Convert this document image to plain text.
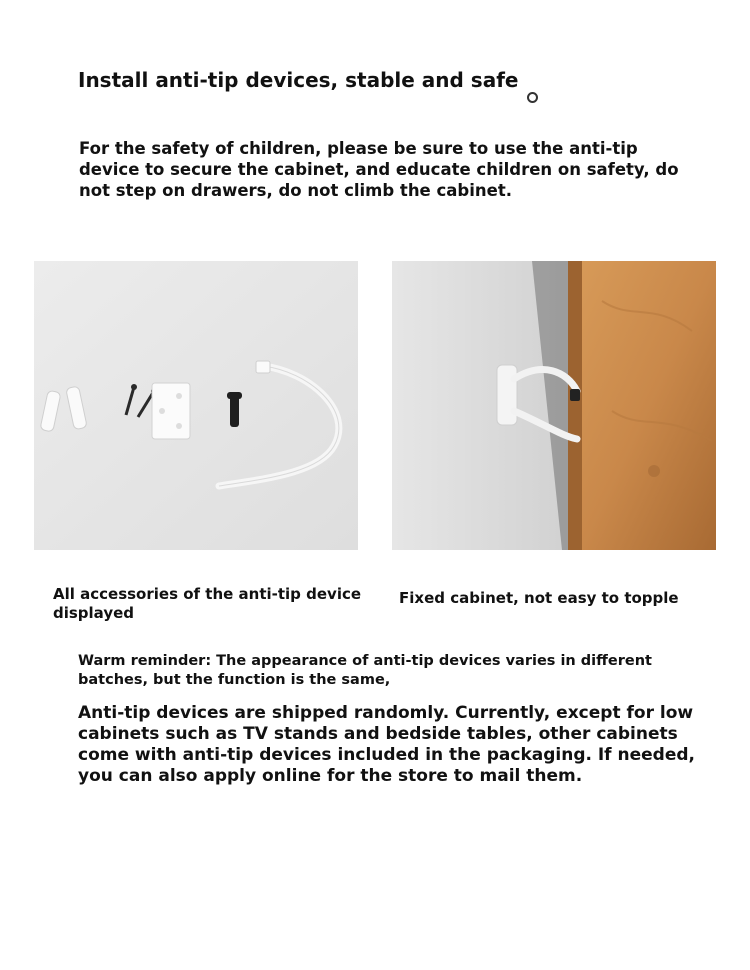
Install anti-tip devices, stable and safe
For the safety of children, please be sure to use the anti-tip device to secure the cabinet, and educate children on safety, do not step on drawers, do not climb the cabinet.
All accessories of the anti-tip device displayed
Fixed cabinet, not easy to topple
Warm reminder: The appearance of anti-tip devices varies in different batches, but the function is the same,
Anti-tip devices are shipped randomly. Currently, except for low cabinets such as TV stands and bedside tables, other cabinets come with anti-tip devices included in the packaging. If needed, you can also apply online for the store to mail them.
